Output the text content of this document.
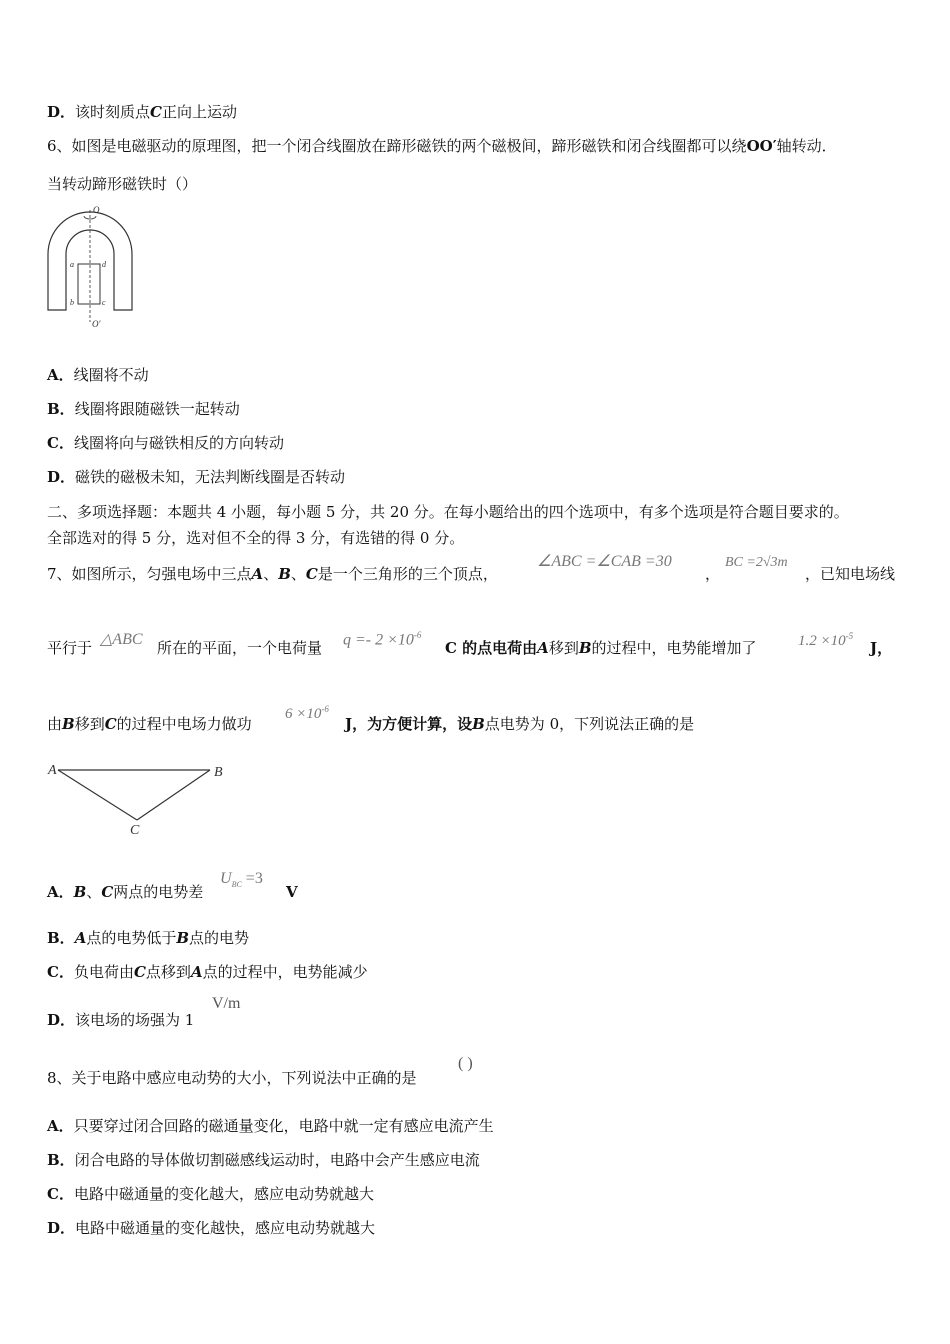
D．该时刻质点C正向上运动
6、如图是电磁驱动的原理图，把一个闭合线圈放在蹄形磁铁的两个磁极间，蹄形磁铁和闭合线圈都可以绕OO′轴转动．
当转动蹄形磁铁时（）
O
O′
a	d
b	c
A．线圈将不动
B．线圈将跟随磁铁一起转动
C．线圈将向与磁铁相反的方向转动
D．磁铁的磁极未知，无法判断线圈是否转动
二、多项选择题：本题共 4 小题，每小题 5 分，共 20 分。在每小题给出的四个选项中，有多个选项是符合题目要求的。
全部选对的得 5 分，选对但不全的得 3 分，有选错的得 0 分。
7、如图所示，匀强电场中三点A、B、C是一个三角形的三个顶点，
∠ABC =∠CAB =30
，
BC =2√3m
，已知电场线
平行于 △ABC 所在的平面，一个电荷量 $q =- 2 \times 10^{-6}$
C 的点电荷由A移到B的过程中，电势能增加了	$1.2 \times 10^{-5}$
J，
由B移到C的过程中电场力做功
$6 \times 10^{-6}$
J，为方便计算，设B点电势为 0，下列说法正确的是
A	B
C
A．B、C两点的电势差
$U_{BC} =3$
V
B．A点的电势低于B点的电势
C．负电荷由C点移到A点的过程中，电势能减少
D．该电场的场强为 1
V/m
8、关于电路中感应电动势的大小，下列说法中正确的是
( )
A．只要穿过闭合回路的磁通量变化，电路中就一定有感应电流产生
B．闭合电路的导体做切割磁感线运动时，电路中会产生感应电流
C．电路中磁通量的变化越大，感应电动势就越大
D．电路中磁通量的变化越快，感应电动势就越大
